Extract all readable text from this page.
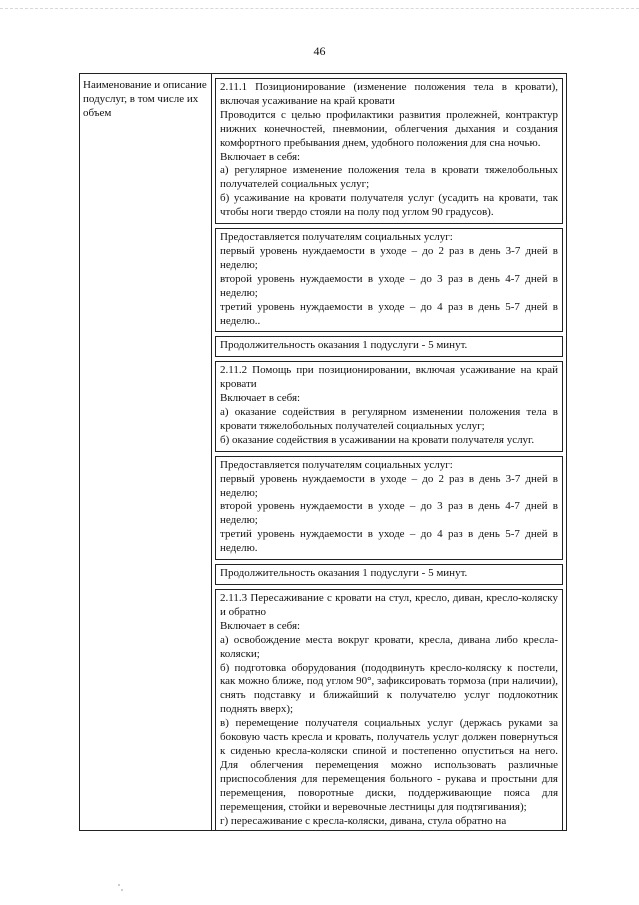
46
Наименование и описание подуслуг, в том числе их объем

2.11.1 Позиционирование (изменение положения тела в кровати), включая усаживание на край кровати

Проводится с целью профилактики развития пролежней, контрактур нижних конечностей, пневмонии, облегчения дыхания и создания комфортного пребывания днем, удобного положения для сна ночью.

Включает в себя:

а) регулярное изменение положения тела в кровати тяжелобольных получателей социальных услуг;

б) усаживание на кровати получателя услуг (усадить на кровати, так чтобы ноги твердо стояли на полу под углом 90 градусов).

Предоставляется получателям социальных услуг:

первый уровень нуждаемости в уходе – до 2 раз в день 3-7 дней в неделю;

второй уровень нуждаемости в уходе – до 3 раз в день 4-7 дней в неделю;

третий уровень нуждаемости в уходе – до 4 раз в день 5-7 дней в неделю..

Продолжительность оказания 1 подуслуги - 5 минут.

2.11.2 Помощь при позиционировании, включая усаживание на край кровати

Включает в себя:

а) оказание содействия в регулярном изменении положения тела в кровати тяжелобольных получателей социальных услуг;

б) оказание содействия в усаживании на кровати получателя услуг.

Предоставляется получателям социальных услуг:

первый уровень нуждаемости в уходе – до 2 раз в день 3-7 дней в неделю;

второй уровень нуждаемости в уходе – до 3 раз в день 4-7 дней в неделю;

третий уровень нуждаемости в уходе – до 4 раз в день 5-7 дней в неделю.

Продолжительность оказания 1 подуслуги - 5 минут.

2.11.3 Пересаживание с кровати на стул, кресло, диван, кресло-коляску и обратно

Включает в себя:

а) освобождение места вокруг кровати, кресла, дивана либо кресла-коляски;

б) подготовка оборудования (пододвинуть кресло-коляску к постели, как можно ближе, под углом 90°, зафиксировать тормоза (при наличии), снять подставку и ближайший к получателю услуг подлокотник поднять вверх);

в) перемещение получателя социальных услуг (держась руками за боковую часть кресла и кровать, получатель услуг должен повернуться к сиденью кресла-коляски спиной и постепенно опуститься на него. Для облегчения перемещения можно использовать различные приспособления для перемещения больного - рукава и простыни для перемещения, поворотные диски, поддерживающие пояса для перемещения, стойки и веревочные лестницы для подтягивания);

г) пересаживание с кресла-коляски, дивана, стула обратно на
